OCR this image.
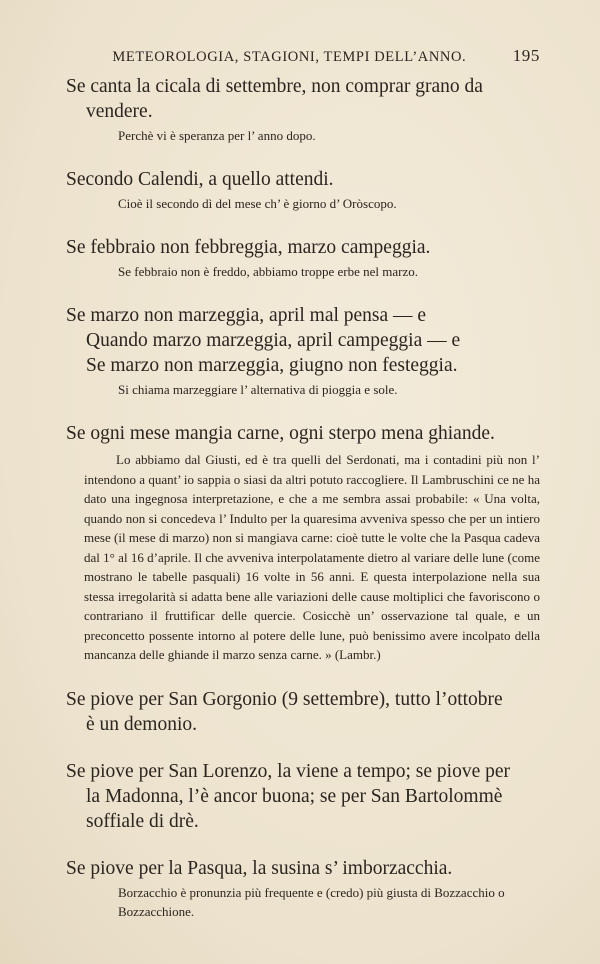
METEOROLOGIA, STAGIONI, TEMPI DELL’ANNO.	195

Se canta la cicala di settembre, non comprar grano da

vendere.

Perchè vi è speranza per l’ anno dopo.

Secondo Calendi, a quello attendi.

Cioè il secondo dì del mese ch’ è giorno d’ Oròscopo.

Se febbraio non febbreggia, marzo campeggia.

Se febbraio non è freddo, abbiamo troppe erbe nel marzo.

Se marzo non marzeggia, april mal pensa — e

Quando marzo marzeggia, april campeggia — e

Se marzo non marzeggia, giugno non festeggia.

Si chiama marzeggiare l’ alternativa di pioggia e sole.

Se ogni mese mangia carne, ogni sterpo mena ghiande.

Lo abbiamo dal Giusti, ed è tra quelli del Serdonati, ma i contadini più non l’ intendono a quant’ io sappia o siasi da altri potuto raccogliere. Il Lambruschini ce ne ha dato una ingegnosa interpretazione, e che a me sembra assai probabile: « Una volta, quando non si concedeva l’ Indulto per la quaresima avveniva spesso che per un intiero mese (il mese di marzo) non si mangiava carne: cioè tutte le volte che la Pasqua cadeva dal 1° al 16 d’aprile. Il che avveniva interpolatamente dietro al variare delle lune (come mostrano le tabelle pasquali) 16 volte in 56 anni. E questa interpolazione nella sua stessa irregolarità si adatta bene alle variazioni delle cause moltiplici che favoriscono o contrariano il fruttificar delle quercie. Cosicchè un’ osservazione tal quale, e un preconcetto possente intorno al potere delle lune, può benissimo avere incolpato della mancanza delle ghiande il marzo senza carne. » (Lambr.)

Se piove per San Gorgonio (9 settembre), tutto l’ottobre

è un demonio.

Se piove per San Lorenzo, la viene a tempo; se piove per

la Madonna, l’è ancor buona; se per San Bartolommè

soffiale di drè.

Se piove per la Pasqua, la susina s’ imborzacchia.

Borzacchio è pronunzia più frequente e (credo) più giusta di Bozzacchio o Bozzacchione.
